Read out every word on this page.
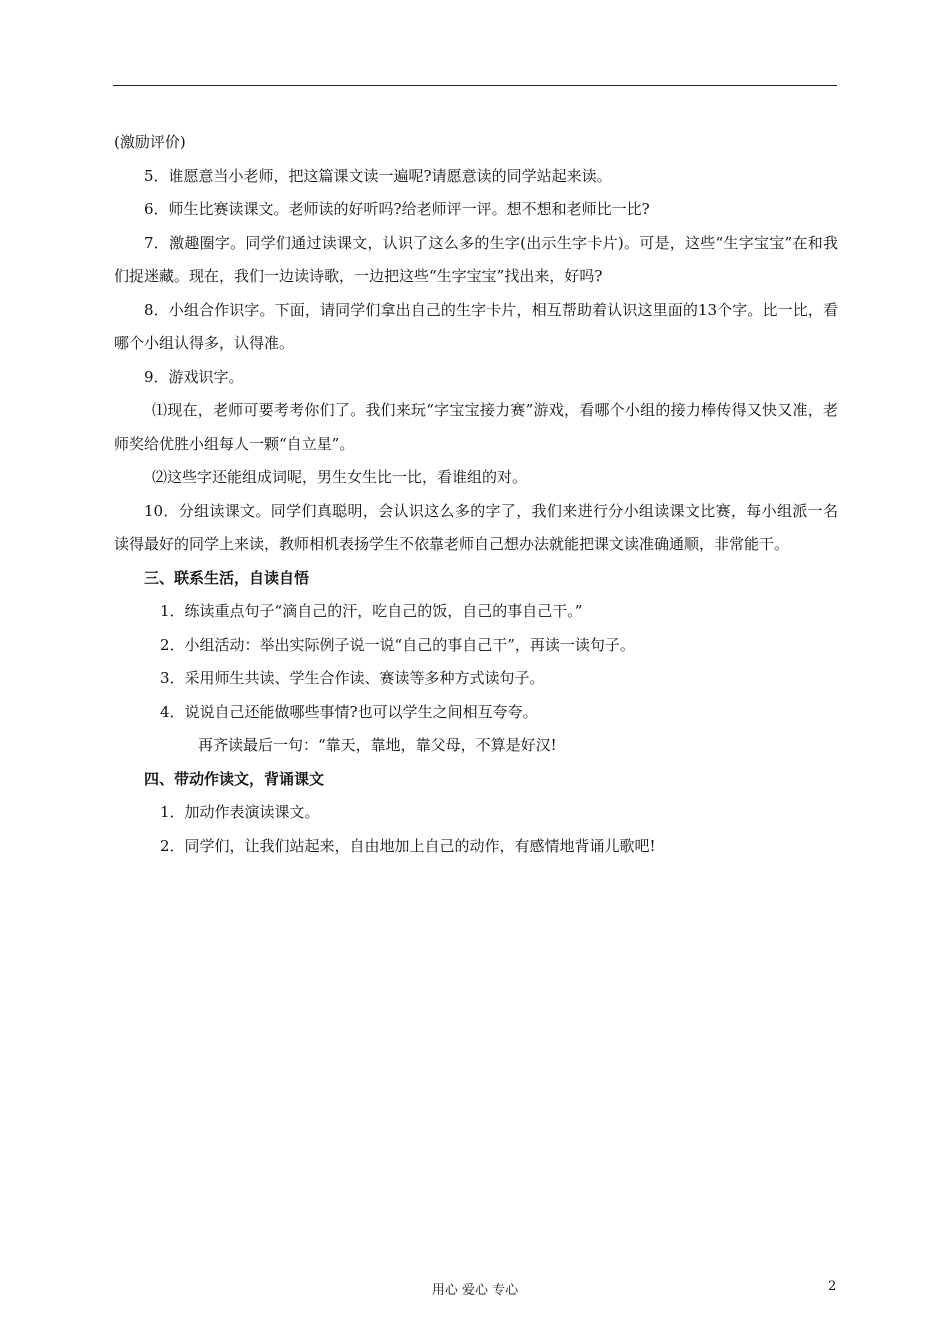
(激励评价)

5．谁愿意当小老师，把这篇课文读一遍呢?请愿意读的同学站起来读。

6．师生比赛读课文。老师读的好听吗?给老师评一评。想不想和老师比一比?

7．激趣圈字。同学们通过读课文，认识了这么多的生字(出示生字卡片)。可是，这些“生字宝宝”在和我们捉迷藏。现在，我们一边读诗歌，一边把这些“生字宝宝”找出来，好吗?

8．小组合作识字。下面，请同学们拿出自己的生字卡片，相互帮助着认识这里面的13个字。比一比，看哪个小组认得多，认得准。

9．游戏识字。

⑴现在，老师可要考考你们了。我们来玩“字宝宝接力赛”游戏，看哪个小组的接力棒传得又快又准，老师奖给优胜小组每人一颗“自立星”。

⑵这些字还能组成词呢，男生女生比一比，看谁组的对。

10．分组读课文。同学们真聪明，会认识这么多的字了，我们来进行分小组读课文比赛，每小组派一名读得最好的同学上来读，教师相机表扬学生不依靠老师自己想办法就能把课文读准确通顺，非常能干。

三、联系生活，自读自悟

1．练读重点句子“滴自己的汗，吃自己的饭，自己的事自己干。”

2．小组活动：举出实际例子说一说“自己的事自己干”，再读一读句子。

3．采用师生共读、学生合作读、赛读等多种方式读句子。

4．说说自己还能做哪些事情?也可以学生之间相互夸夸。

再齐读最后一句：“靠天，靠地，靠父母，不算是好汉!

四、带动作读文，背诵课文

1．加动作表演读课文。

2．同学们，让我们站起来，自由地加上自己的动作，有感情地背诵儿歌吧!

用心 爱心 专心	2
